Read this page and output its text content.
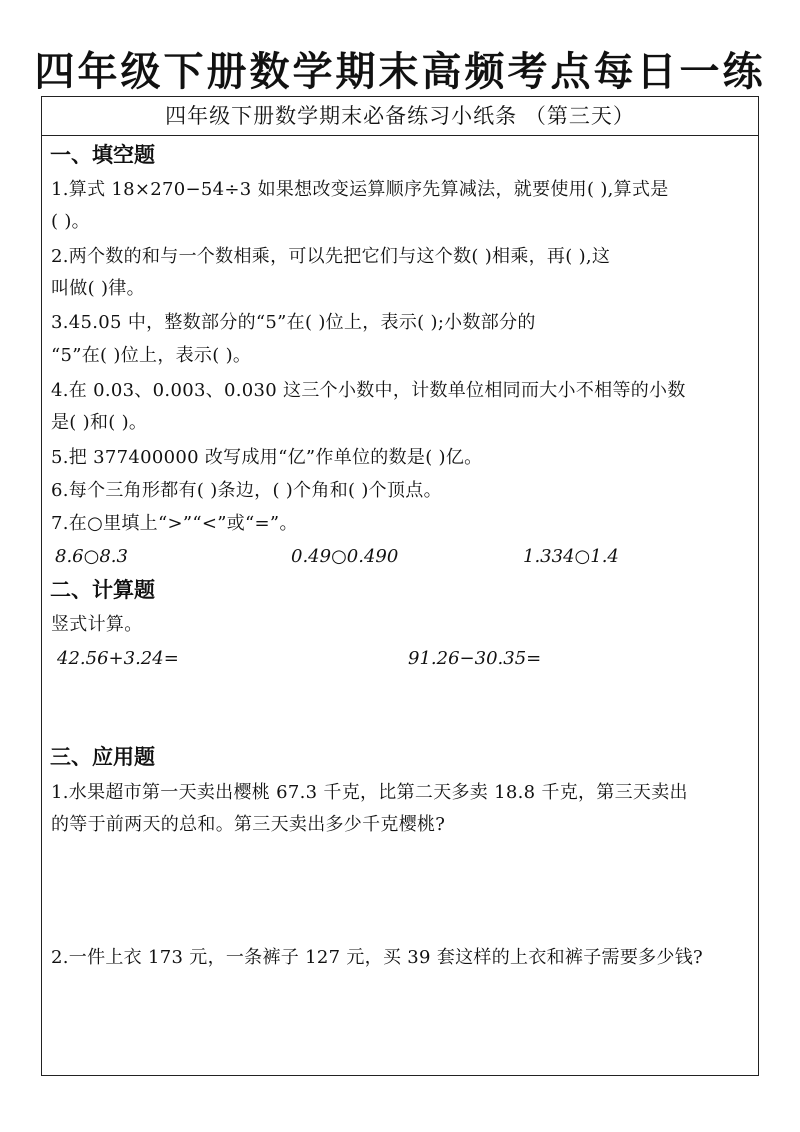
四年级下册数学期末高频考点每日一练
四年级下册数学期末必备练习小纸条 （第三天）
一、填空题
1.算式 18×270−54÷3 如果想改变运算顺序先算减法，就要使用( ),算式是
( )。
2.两个数的和与一个数相乘，可以先把它们与这个数( )相乘，再( ),这
叫做( )律。
3.45.05 中，整数部分的“5”在( )位上，表示( );小数部分的
“5”在( )位上，表示( )。
4.在 0.03、0.003、0.030 这三个小数中，计数单位相同而大小不相等的小数
是( )和( )。
5.把 377400000 改写成用“亿”作单位的数是( )亿。
6.每个三角形都有( )条边，( )个角和( )个顶点。
7.在○里填上“>”“<”或“=”。
8.6○8.3	0.49○0.490	1.334○1.4
二、计算题
竖式计算。
42.56+3.24=	91.26−30.35=
三、应用题
1.水果超市第一天卖出樱桃 67.3 千克，比第二天多卖 18.8 千克，第三天卖出
的等于前两天的总和。第三天卖出多少千克樱桃?
2.一件上衣 173 元，一条裤子 127 元，买 39 套这样的上衣和裤子需要多少钱?
